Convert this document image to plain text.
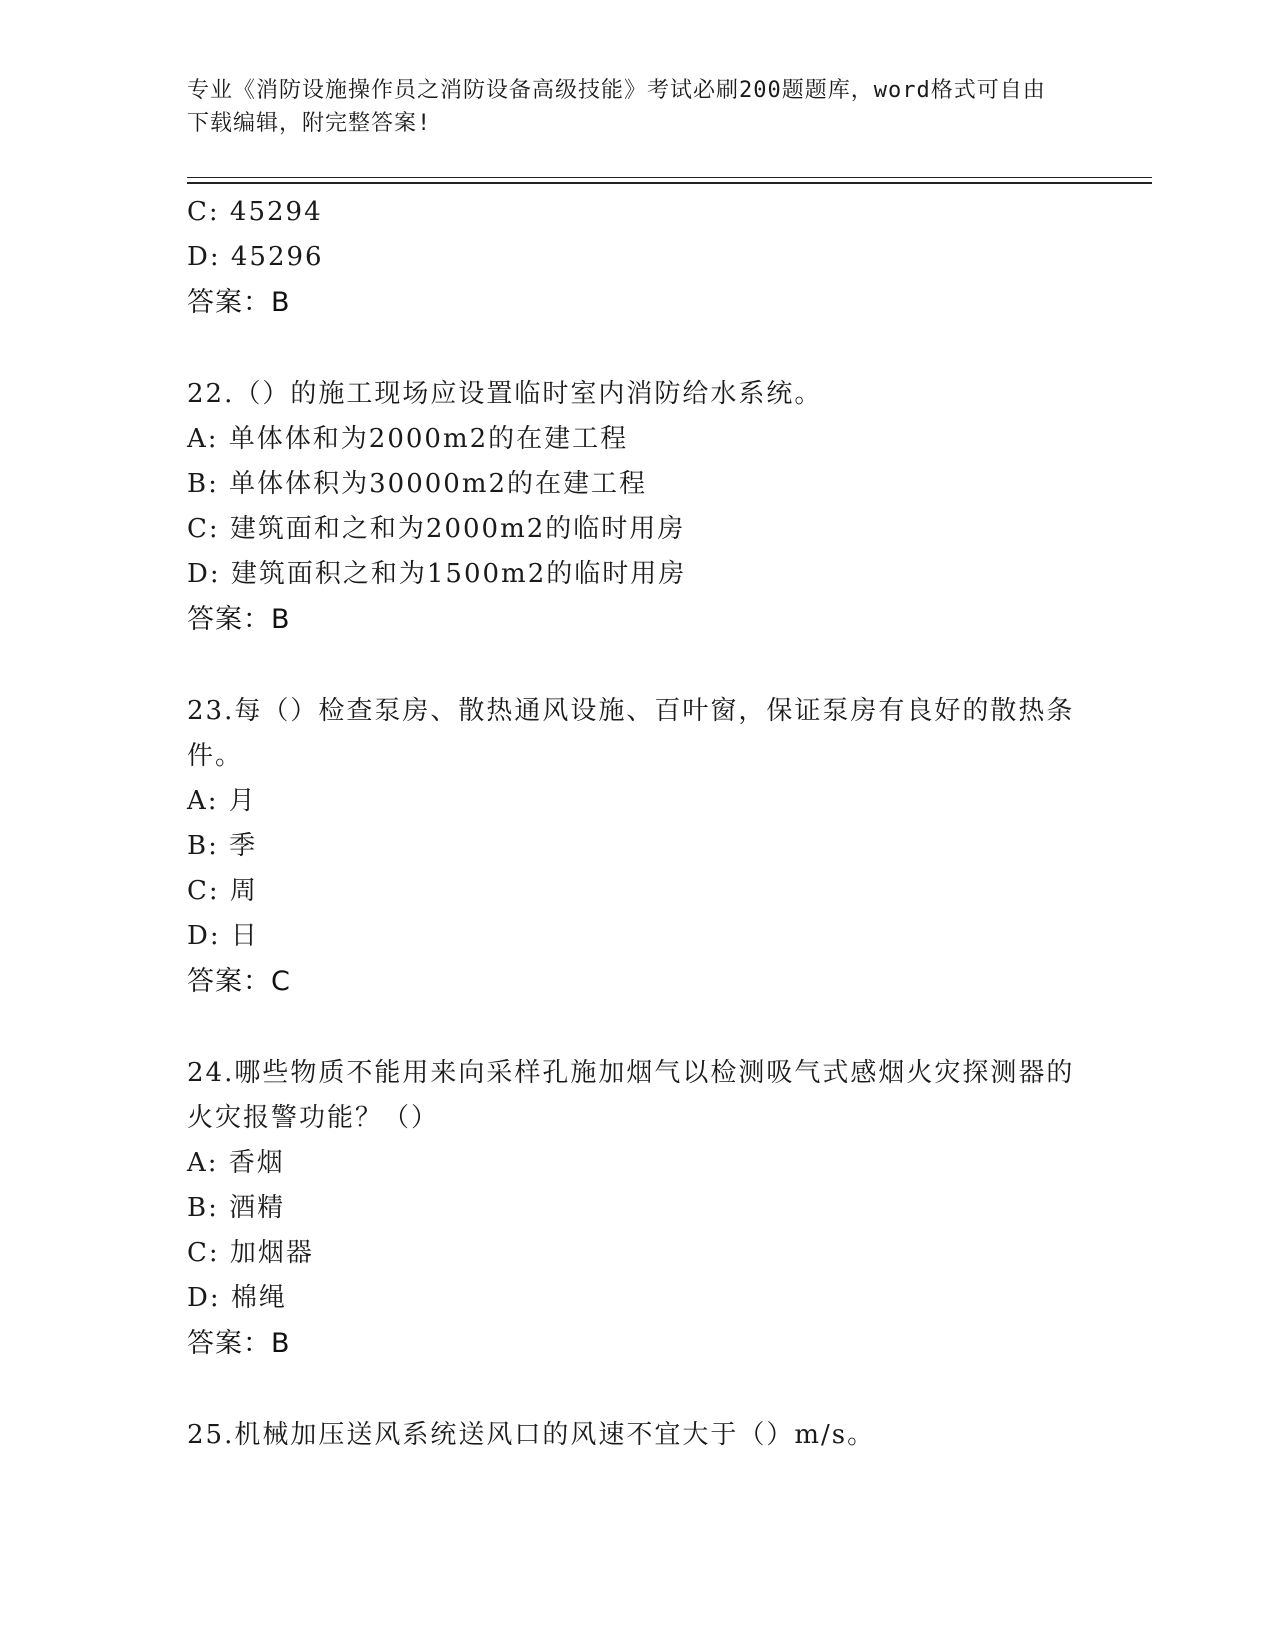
专业《消防设施操作员之消防设备高级技能》考试必刷200题题库，word格式可自由下载编辑，附完整答案!
C: 45294
D: 45296
答案：B
22.（）的施工现场应设置临时室内消防给水系统。
A: 单体体和为2000m2的在建工程
B: 单体体积为30000m2的在建工程
C: 建筑面和之和为2000m2的临时用房
D: 建筑面积之和为1500m2的临时用房
答案：B
23.每（）检查泵房、散热通风设施、百叶窗，保证泵房有良好的散热条件。
A: 月
B: 季
C: 周
D: 日
答案：C
24.哪些物质不能用来向采样孔施加烟气以检测吸气式感烟火灾探测器的火灾报警功能？（）
A: 香烟
B: 酒精
C: 加烟器
D: 棉绳
答案：B
25.机械加压送风系统送风口的风速不宜大于（）m/s。
